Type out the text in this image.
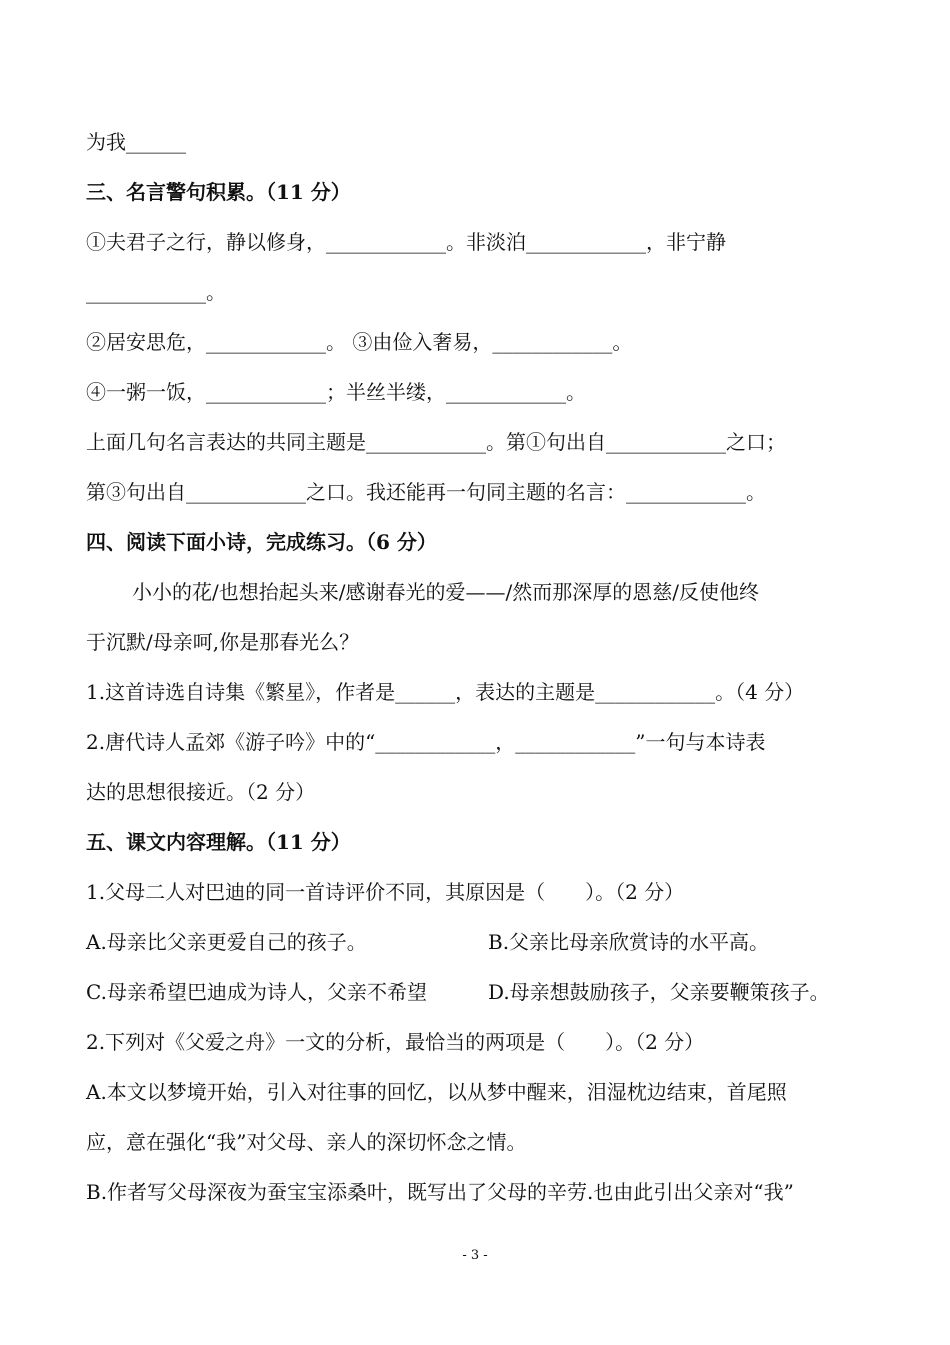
为我______
三、名言警句积累。（11 分）
①夫君子之行，静以修身，____________。非淡泊____________，非宁静
____________。
②居安思危，____________。 ③由俭入奢易，____________。
④一粥一饭，____________；半丝半缕，____________。
上面几句名言表达的共同主题是____________。第①句出自____________之口；
第③句出自____________之口。我还能再一句同主题的名言：____________。
四、阅读下面小诗，完成练习。（6 分）
小小的花/也想抬起头来/感谢春光的爱——/然而那深厚的恩慈/反使他终
于沉默/母亲呵,你是那春光么？
1.这首诗选自诗集《繁星》，作者是______，表达的主题是____________。（4 分）
2.唐代诗人孟郊《游子吟》中的“____________，____________”一句与本诗表
达的思想很接近。（2 分）
五、课文内容理解。（11 分）
1.父母二人对巴迪的同一首诗评价不同，其原因是（　　）。（2 分）
A.母亲比父亲更爱自己的孩子。	B.父亲比母亲欣赏诗的水平高。
C.母亲希望巴迪成为诗人，父亲不希望	D.母亲想鼓励孩子，父亲要鞭策孩子。
2.下列对《父爱之舟》一文的分析，最恰当的两项是（　　）。（2 分）
A.本文以梦境开始，引入对往事的回忆，以从梦中醒来，泪湿枕边结束，首尾照
应，意在强化“我”对父母、亲人的深切怀念之情。
B.作者写父母深夜为蚕宝宝添桑叶，既写出了父母的辛劳.也由此引出父亲对“我”
- 3 -
